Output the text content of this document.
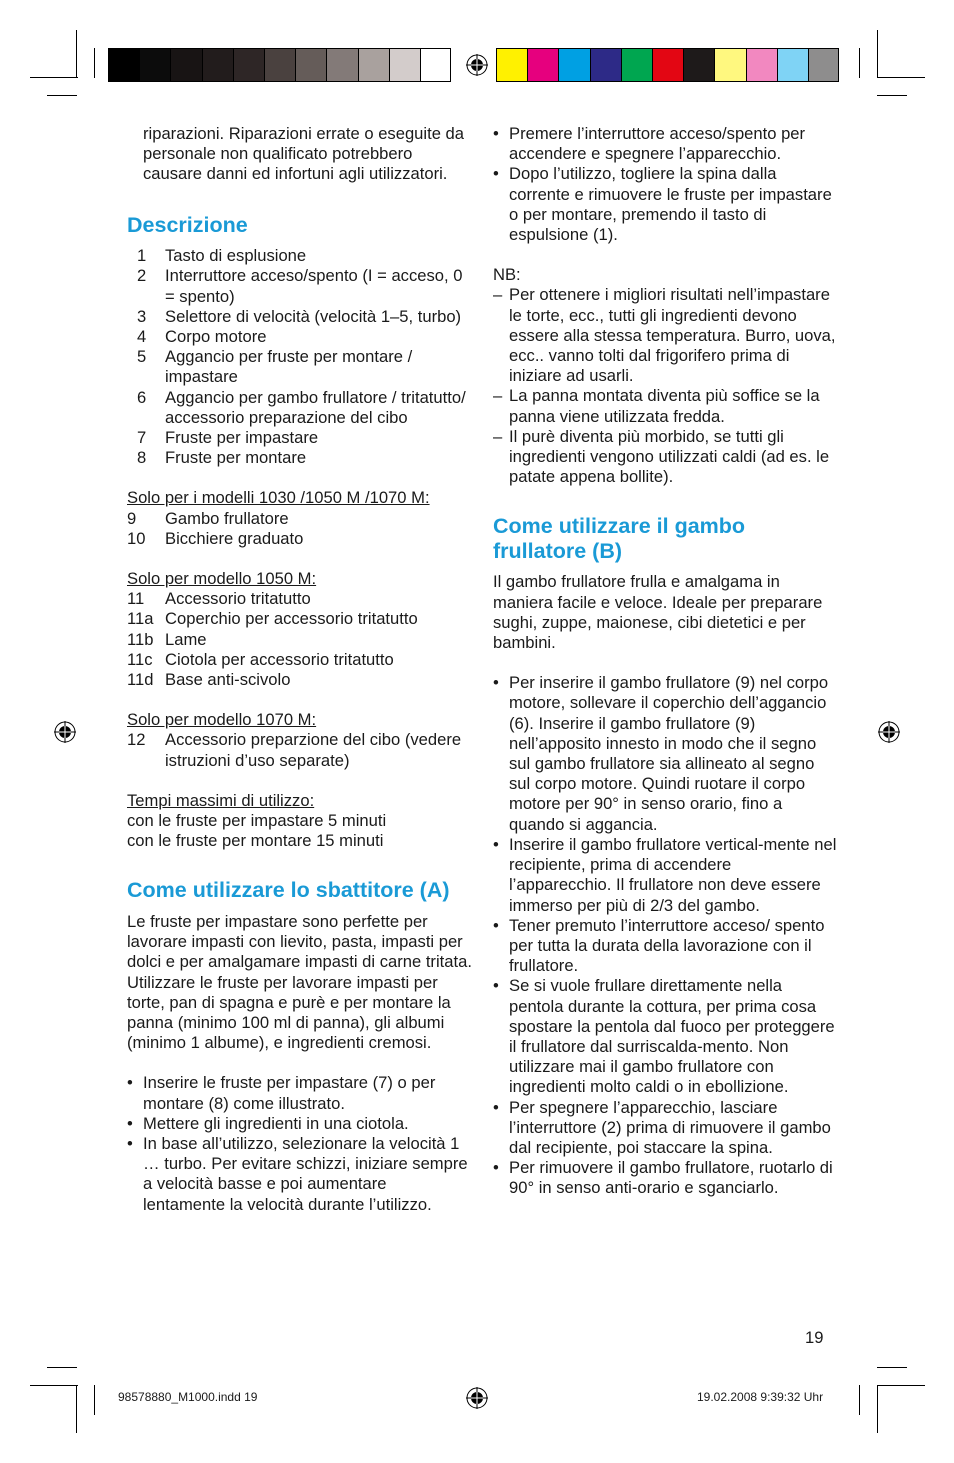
riparazioni. Riparazioni errate o eseguite da personale non qualificato potrebbero causare danni ed infortuni agli utilizzatori.

Descrizione
1	Tasto di esplusione
2	Interruttore acceso/spento (I = acceso, 0 = spento)
3	Selettore di velocità (velocità 1–5, turbo)
4	Corpo motore
5	Aggancio per fruste per montare / impastare
6	Aggancio per gambo frullatore / tritatutto/ accessorio preparazione del cibo
7	Fruste per impastare
8	Fruste per montare

Solo per i modelli 1030 /1050 M /1070 M:

9	Gambo frullatore
10	Bicchiere graduato

Solo per modello 1050 M:

11	Accessorio tritatutto
11a Coperchio per accessorio tritatutto
11b Lame
11c Ciotola per accessorio tritatutto
11d Base anti-scivolo

Solo per modello 1070 M:

12	Accessorio preparzione del cibo (vedere istruzioni d’uso separate)

Tempi massimi di utilizzo:

con le fruste per impastare 5 minuti

con le fruste per montare 15 minuti

Come utilizzare lo sbattitore (A)

Le fruste per impastare sono perfette per lavorare impasti con lievito, pasta, impasti per dolci e per amalgamare impasti di carne tritata. Utilizzare le fruste per lavorare impasti per torte, pan di spagna e purè e per montare la panna (minimo 100 ml di panna), gli albumi (minimo 1 albume), e ingredienti cremosi.

• Inserire le fruste per impastare (7) o per montare (8) come illustrato.
• Mettere gli ingredienti in una ciotola.
• In base all’utilizzo, selezionare la velocità 1 … turbo. Per evitare schizzi, iniziare sempre a velocità basse e poi aumentare lentamente la velocità durante l’utilizzo.
• Premere l’interruttore acceso/spento per accendere e spegnere l’apparecchio.
• Dopo l’utilizzo, togliere la spina dalla corrente e rimuovere le fruste per impastare o per montare, premendo il tasto di espulsione (1).

NB:

– Per ottenere i migliori risultati nell’impastare le torte, ecc., tutti gli ingredienti devono essere alla stessa temperatura. Burro, uova, ecc.. vanno tolti dal frigorifero prima di iniziare ad usarli.
– La panna montata diventa più soffice se la panna viene utilizzata fredda.
– Il purè diventa più morbido, se tutti gli ingredienti vengono utilizzati caldi (ad es. le patate appena bollite).
Come utilizzare il gambo frullatore (B)

Il gambo frullatore frulla e amalgama in maniera facile e veloce. Ideale per preparare sughi, zuppe, maionese, cibi dietetici e per bambini.

• Per inserire il gambo frullatore (9) nel corpo motore, sollevare il coperchio dell’aggancio (6). Inserire il gambo frullatore (9) nell’apposito innesto in modo che il segno sul gambo frullatore sia allineato al segno sul corpo motore. Quindi ruotare il corpo motore per 90° in senso orario, fino a quando si aggancia.
• Inserire il gambo frullatore vertical-mente nel recipiente, prima di accendere l’apparecchio. Il frullatore non deve essere immerso per più di 2/3 del gambo.
• Tener premuto l’interruttore acceso/ spento per tutta la durata della lavorazione con il frullatore.
• Se si vuole frullare direttamente nella pentola durante la cottura, per prima cosa spostare la pentola dal fuoco per proteggere il frullatore dal surriscalda-mento. Non utilizzare mai il gambo frullatore con ingredienti molto caldi o in ebollizione.
• Per spegnere l’apparecchio, lasciare l’interruttore (2) prima di rimuovere il gambo dal recipiente, poi staccare la spina.
• Per rimuovere il gambo frullatore, ruotarlo di 90° in senso anti-orario e sganciarlo.
19
98578880_M1000.indd 19	19.02.2008 9:39:32 Uhr
